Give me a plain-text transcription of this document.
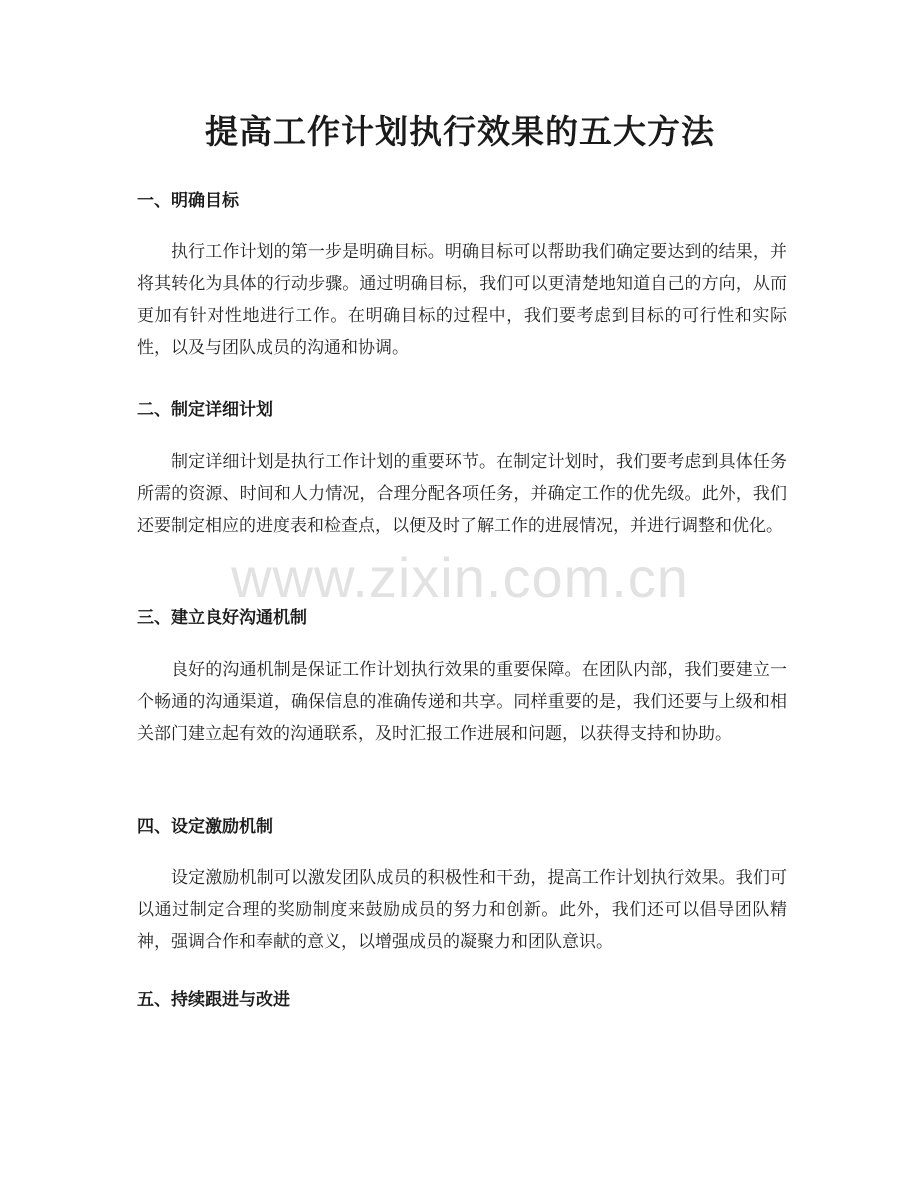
提高工作计划执行效果的五大方法
一、明确目标

执行工作计划的第一步是明确目标。明确目标可以帮助我们确定要达到的结果，并将其转化为具体的行动步骤。通过明确目标，我们可以更清楚地知道自己的方向，从而更加有针对性地进行工作。在明确目标的过程中，我们要考虑到目标的可行性和实际性，以及与团队成员的沟通和协调。

二、制定详细计划

制定详细计划是执行工作计划的重要环节。在制定计划时，我们要考虑到具体任务所需的资源、时间和人力情况，合理分配各项任务，并确定工作的优先级。此外，我们还要制定相应的进度表和检查点，以便及时了解工作的进展情况，并进行调整和优化。

三、建立良好沟通机制

良好的沟通机制是保证工作计划执行效果的重要保障。在团队内部，我们要建立一个畅通的沟通渠道，确保信息的准确传递和共享。同样重要的是，我们还要与上级和相关部门建立起有效的沟通联系，及时汇报工作进展和问题，以获得支持和协助。

四、设定激励机制

设定激励机制可以激发团队成员的积极性和干劲，提高工作计划执行效果。我们可以通过制定合理的奖励制度来鼓励成员的努力和创新。此外，我们还可以倡导团队精神，强调合作和奉献的意义，以增强成员的凝聚力和团队意识。

五、持续跟进与改进
www.zixin.com.cn
